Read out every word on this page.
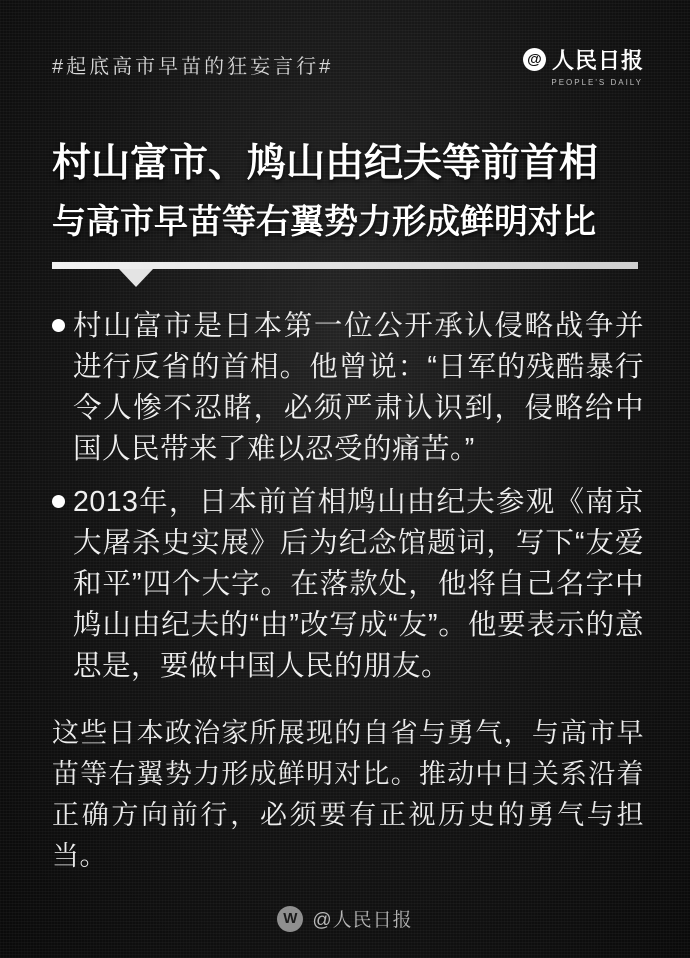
#起底高市早苗的狂妄言行#	@ 人民日报
PEOPLE'S DAILY
村山富市、鸠山由纪夫等前首相
与高市早苗等右翼势力形成鲜明对比
村山富市是日本第一位公开承认侵略战争并进行反省的首相。他曾说：“日军的残酷暴行令人惨不忍睹，必须严肃认识到，侵略给中国人民带来了难以忍受的痛苦。”
2013年，日本前首相鸠山由纪夫参观《南京大屠杀史实展》后为纪念馆题词，写下“友爱和平”四个大字。在落款处，他将自己名字中鸠山由纪夫的“由”改写成“友”。他要表示的意思是，要做中国人民的朋友。
这些日本政治家所展现的自省与勇气，与高市早苗等右翼势力形成鲜明对比。推动中日关系沿着正确方向前行，必须要有正视历史的勇气与担当。
W @人民日报
